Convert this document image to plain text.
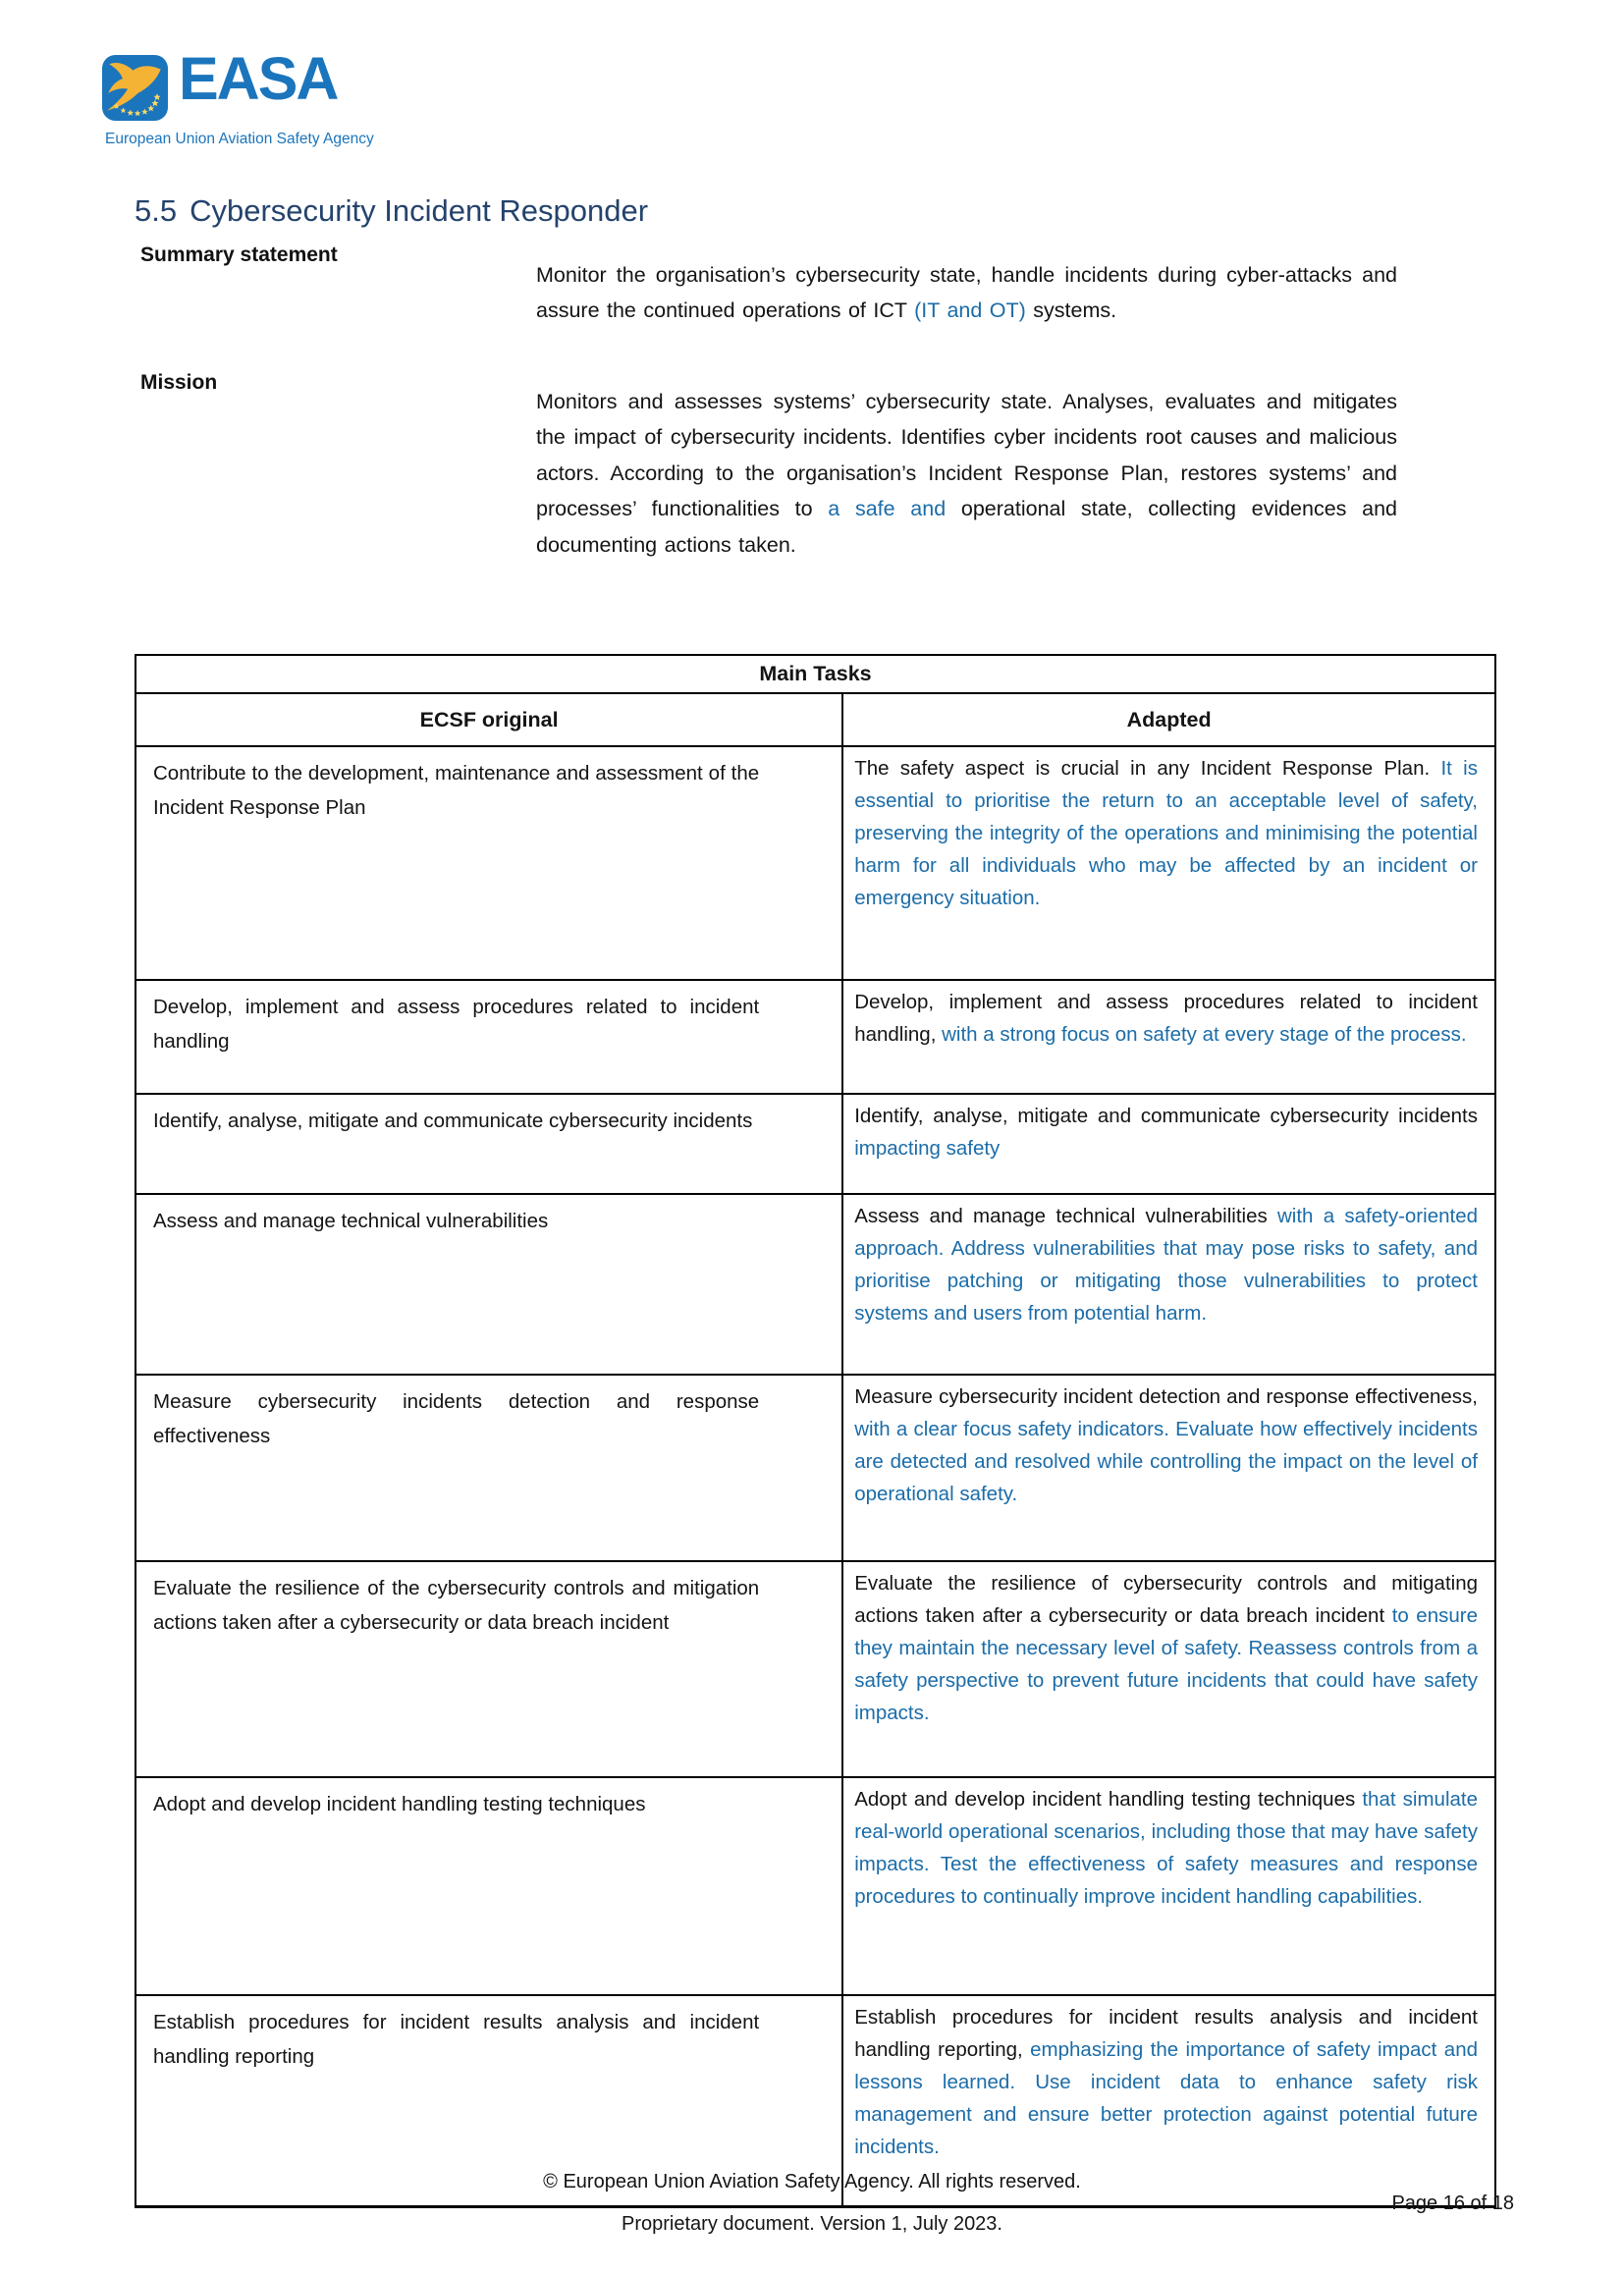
EASA
European Union Aviation Safety Agency
5.5 Cybersecurity Incident Responder
Summary statement

Monitor the organisation’s cybersecurity state, handle incidents during cyber-attacks and assure the continued operations of ICT (IT and OT) systems.

Mission

Monitors and assesses systems’ cybersecurity state. Analyses, evaluates and mitigates the impact of cybersecurity incidents. Identifies cyber incidents root causes and malicious actors. According to the organisation’s Incident Response Plan, restores systems’ and processes’ functionalities to a safe and operational state, collecting evidences and documenting actions taken.

Main Tasks	
ECSF original	Adapted
Contribute to the development, maintenance and assessment of the Incident Response Plan	The safety aspect is crucial in any Incident Response Plan. It is essential to prioritise the return to an acceptable level of safety, preserving the integrity of the operations and minimising the potential harm for all individuals who may be affected by an incident or emergency situation.
Develop, implement and assess procedures related to incident handling	Develop, implement and assess procedures related to incident handling, with a strong focus on safety at every stage of the process.
Identify, analyse, mitigate and communicate cybersecurity incidents	Identify, analyse, mitigate and communicate cybersecurity incidents impacting safety
Assess and manage technical vulnerabilities	Assess and manage technical vulnerabilities with a safety-oriented approach. Address vulnerabilities that may pose risks to safety, and prioritise patching or mitigating those vulnerabilities to protect systems and users from potential harm.
Measure cybersecurity incidents detection and response effectiveness	Measure cybersecurity incident detection and response effectiveness, with a clear focus safety indicators. Evaluate how effectively incidents are detected and resolved while controlling the impact on the level of operational safety.
Evaluate the resilience of the cybersecurity controls and mitigation actions taken after a cybersecurity or data breach incident	Evaluate the resilience of cybersecurity controls and mitigating actions taken after a cybersecurity or data breach incident to ensure they maintain the necessary level of safety. Reassess controls from a safety perspective to prevent future incidents that could have safety impacts.
Adopt and develop incident handling testing techniques	Adopt and develop incident handling testing techniques that simulate real-world operational scenarios, including those that may have safety impacts. Test the effectiveness of safety measures and response procedures to continually improve incident handling capabilities.
Establish procedures for incident results analysis and incident handling reporting	Establish procedures for incident results analysis and incident handling reporting, emphasizing the importance of safety impact and lessons learned. Use incident data to enhance safety risk management and ensure better protection against potential future incidents.
© European Union Aviation Safety Agency. All rights reserved.
Proprietary document. Version 1, July 2023.
Page 16 of 18
